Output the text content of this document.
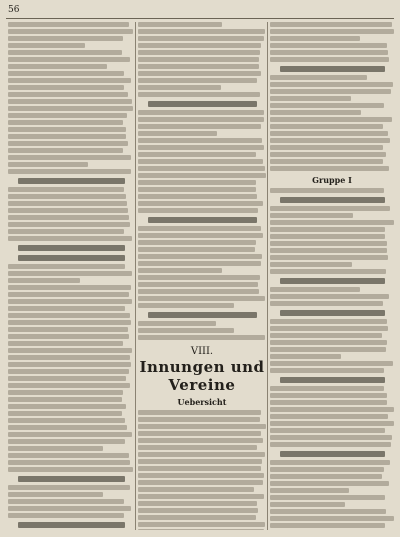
56
VIII.
Innungen und Vereine
Uebersicht
Gruppe I
